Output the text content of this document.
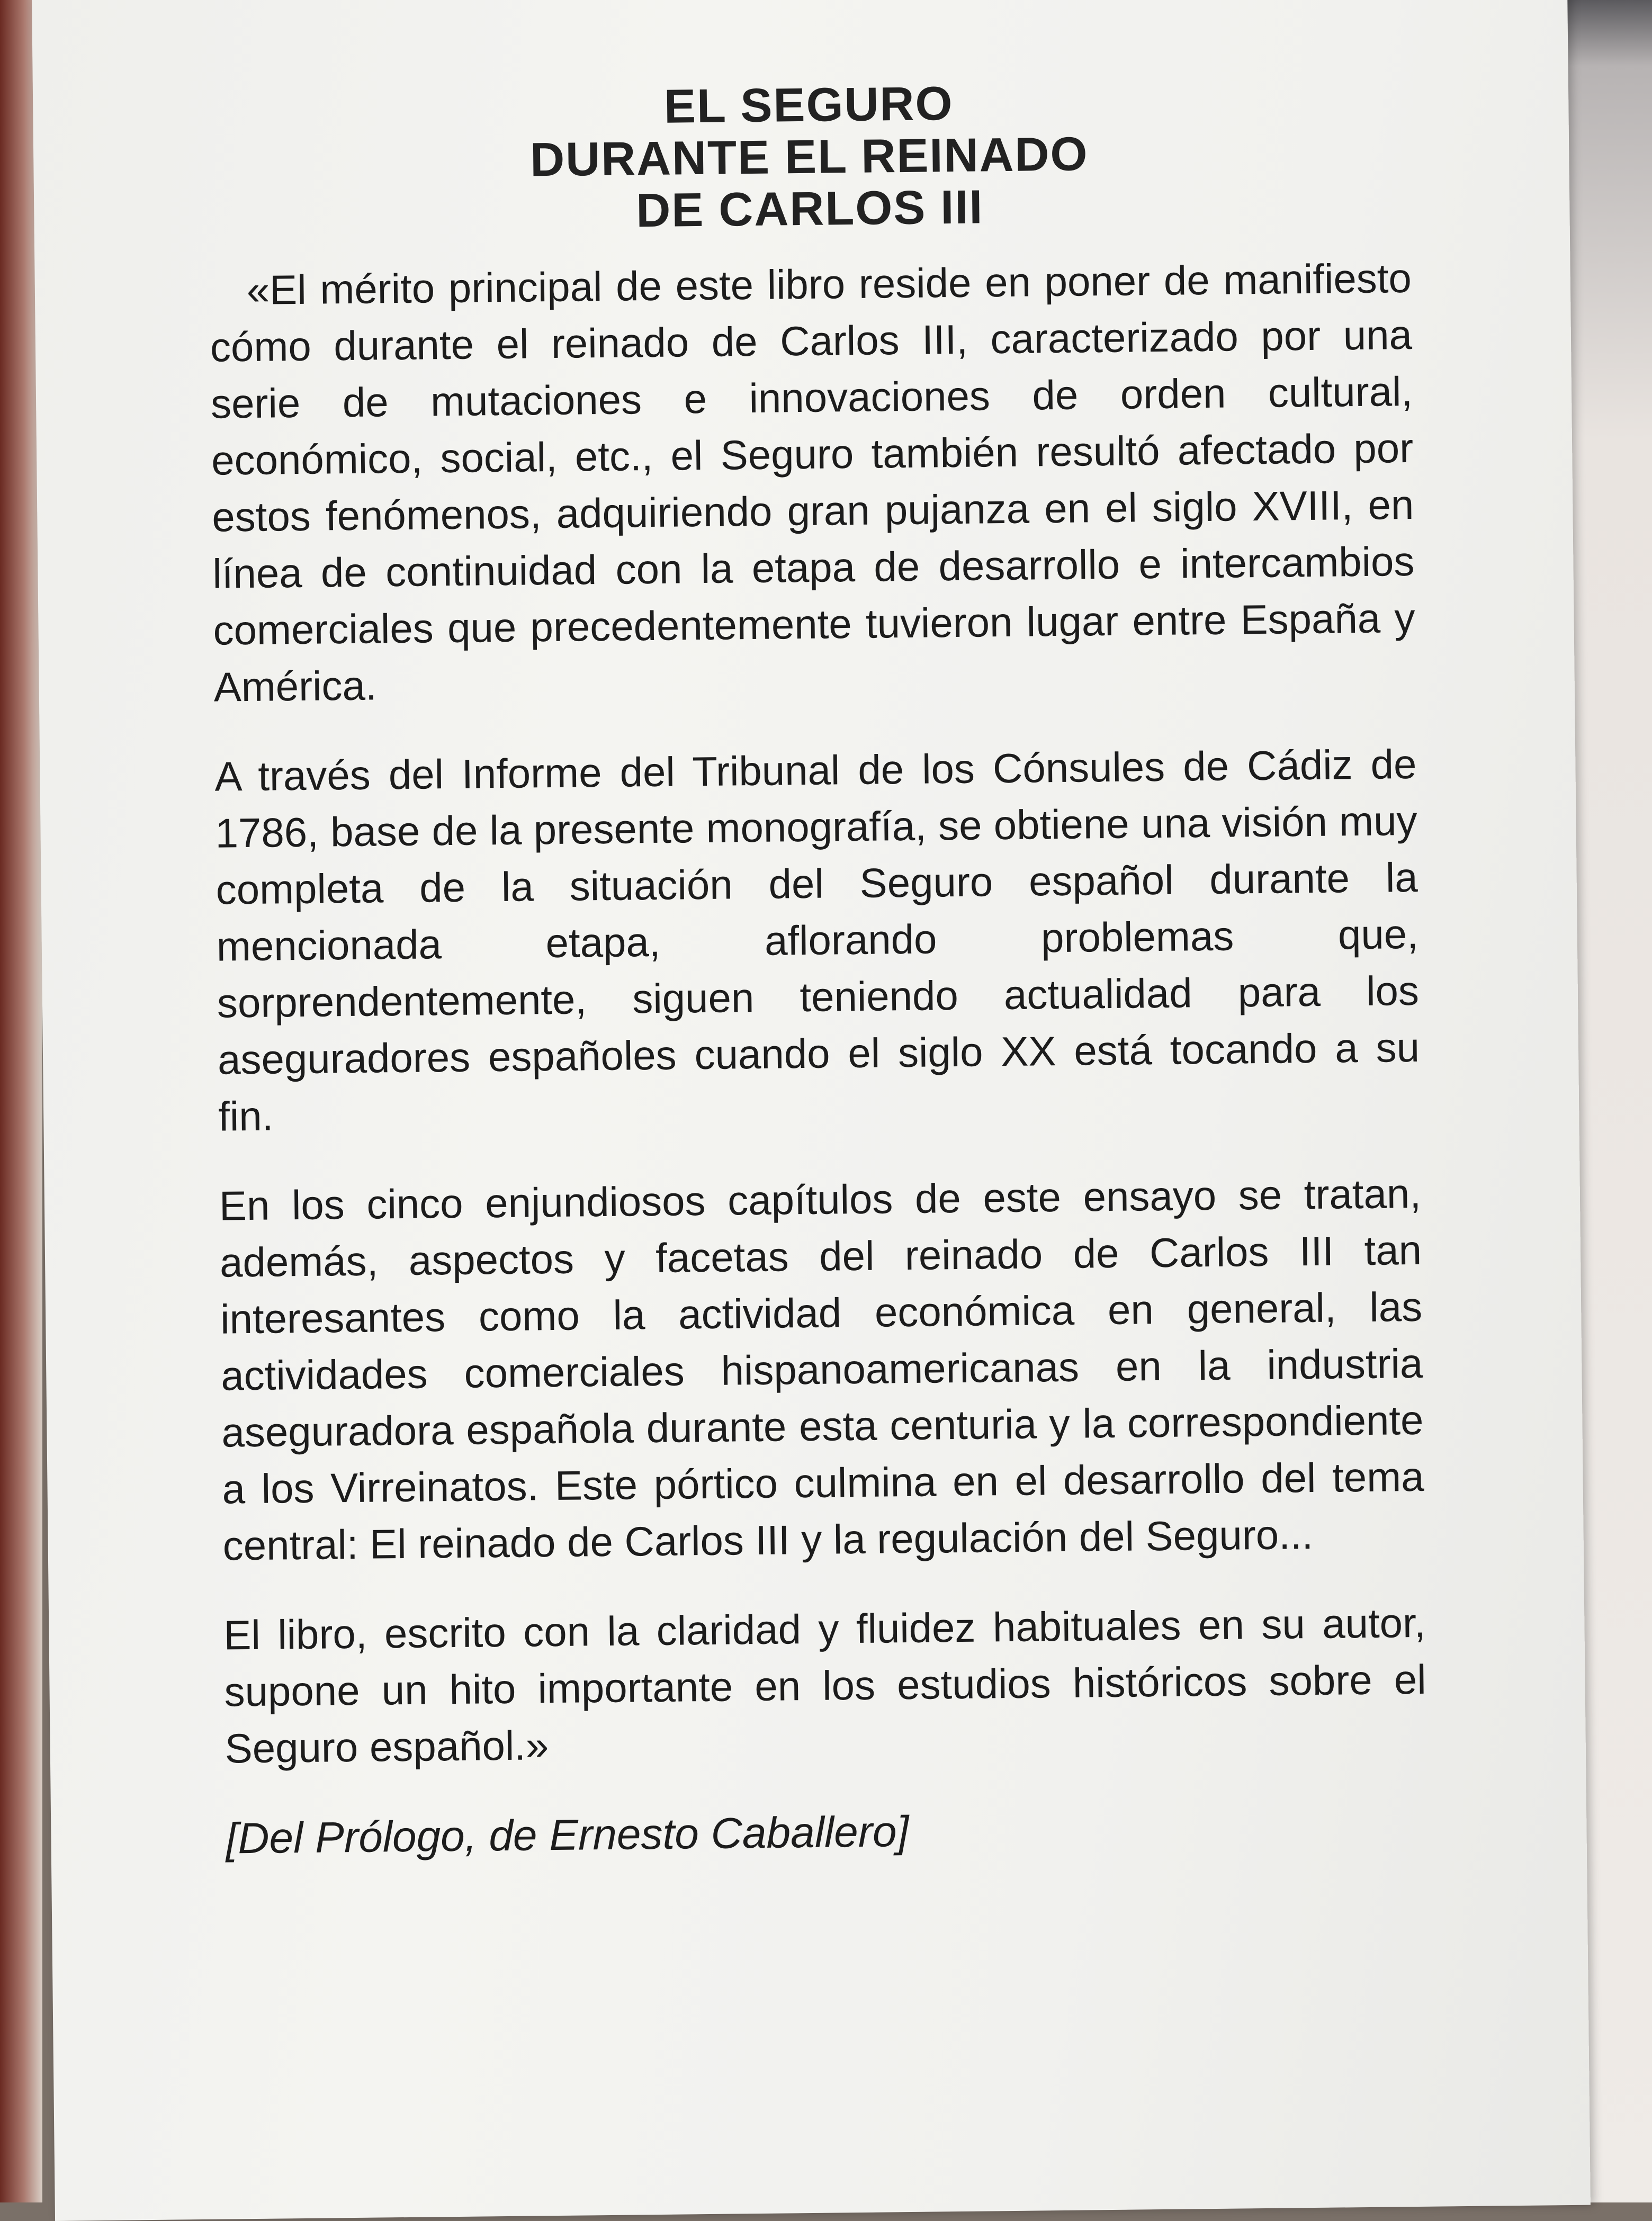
EL SEGURO
DURANTE EL REINADO
DE CARLOS III

«El mérito principal de este libro reside en poner de manifiesto cómo durante el reinado de Carlos III, caracterizado por una serie de mutaciones e innovaciones de orden cultural, económico, social, etc., el Seguro también resultó afectado por estos fenómenos, adquiriendo gran pujanza en el siglo XVIII, en línea de continuidad con la etapa de desarrollo e intercambios comerciales que precedentemente tuvieron lugar entre España y América.

A través del Informe del Tribunal de los Cónsules de Cádiz de 1786, base de la presente monografía, se obtiene una visión muy completa de la situación del Seguro español durante la mencionada etapa, aflorando problemas que, sorprendentemente, siguen teniendo actualidad para los aseguradores españoles cuando el siglo XX está tocando a su fin.

En los cinco enjundiosos capítulos de este ensayo se tratan, además, aspectos y facetas del reinado de Carlos III tan interesantes como la actividad económica en general, las actividades comerciales hispanoamericanas en la industria aseguradora española durante esta centuria y la correspondiente a los Virreinatos. Este pórtico culmina en el desarrollo del tema central: El reinado de Carlos III y la regulación del Seguro...

El libro, escrito con la claridad y fluidez habituales en su autor, supone un hito importante en los estudios históricos sobre el Seguro español.»

[Del Prólogo, de Ernesto Caballero]
